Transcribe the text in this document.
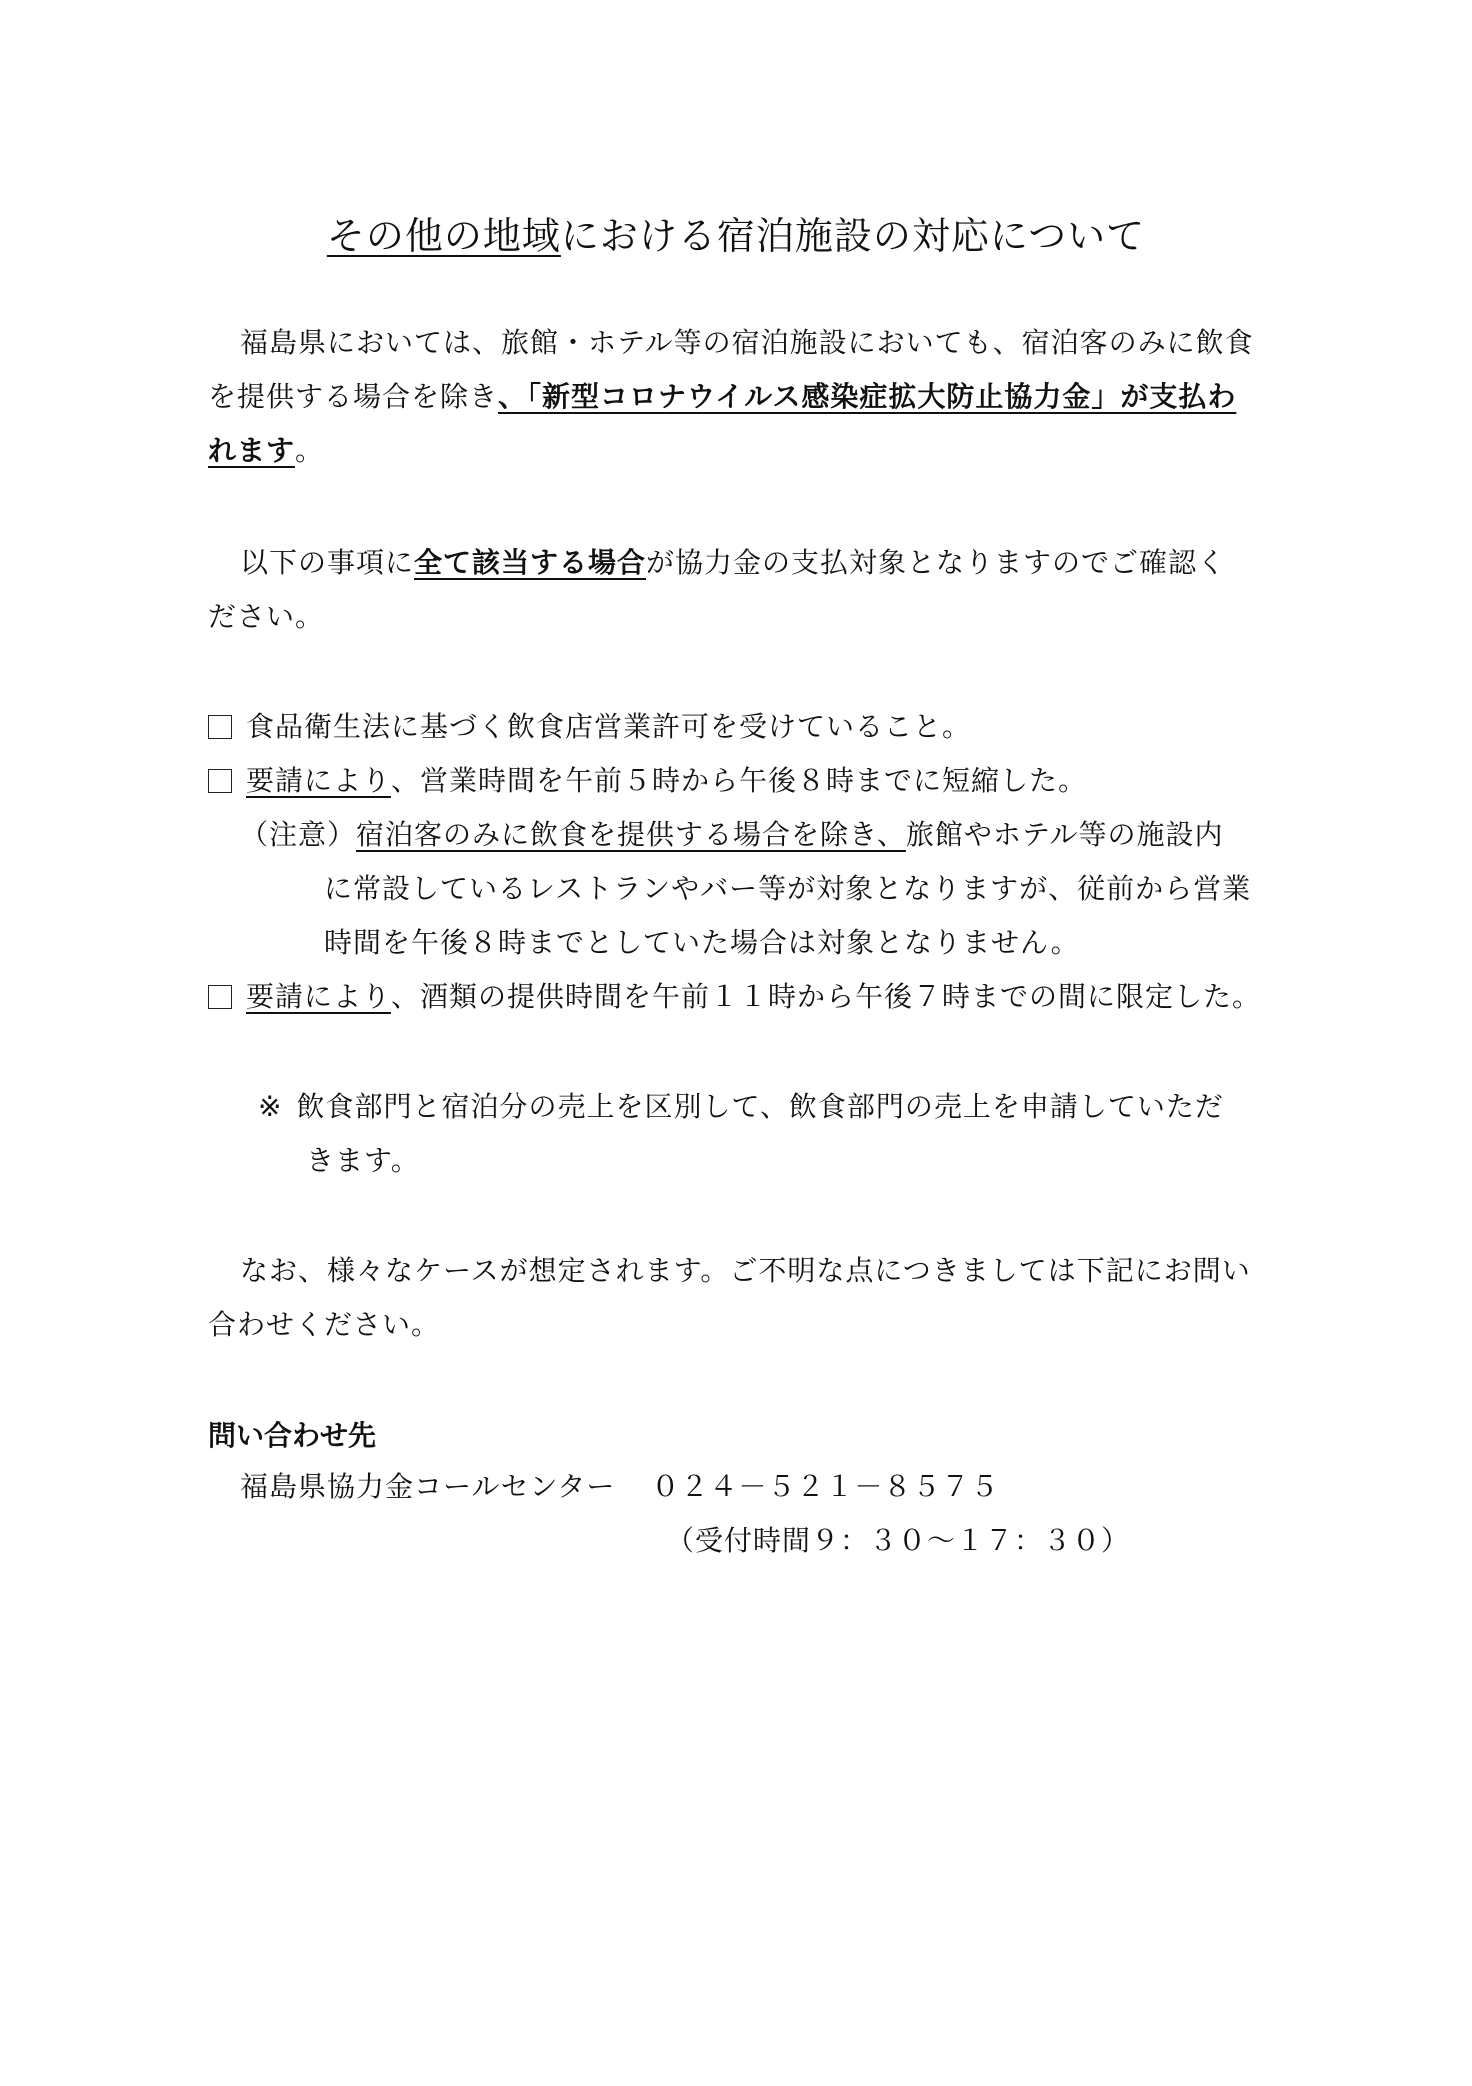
その他の地域における宿泊施設の対応について
福島県においては、旅館・ホテル等の宿泊施設においても、宿泊客のみに飲食
を提供する場合を除き、「新型コロナウイルス感染症拡大防止協力金」が支払わ
れます。
以下の事項に全て該当する場合が協力金の支払対象となりますのでご確認く
ださい。
食品衛生法に基づく飲食店営業許可を受けていること。
要請により、営業時間を午前５時から午後８時までに短縮した。
（注意）宿泊客のみに飲食を提供する場合を除き、旅館やホテル等の施設内
に常設しているレストランやバー等が対象となりますが、従前から営業
時間を午後８時までとしていた場合は対象となりません。
要請により、酒類の提供時間を午前１１時から午後７時までの間に限定した。
※ 飲食部門と宿泊分の売上を区別して、飲食部門の売上を申請していただ
きます。
なお、様々なケースが想定されます。ご不明な点につきましては下記にお問い
合わせください。
問い合わせ先
福島県協力金コールセンター ０２４－５２１－８５７５
（受付時間９：３０～１７：３０）
